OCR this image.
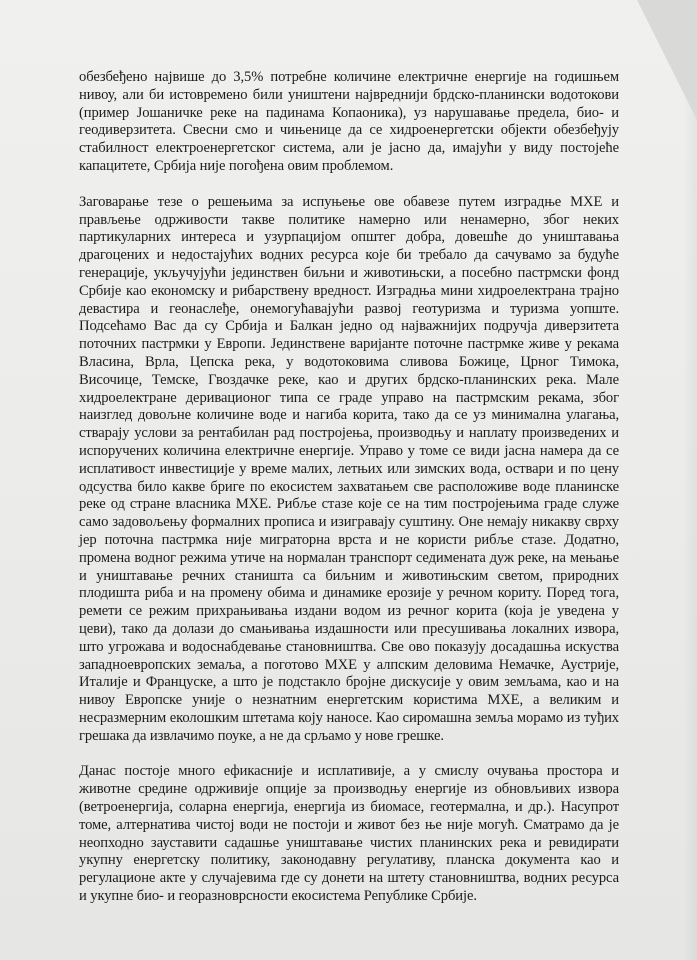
обезбеђено највише до 3,5% потребне количине електричне енергије на годишњем
нивоу, али би истовремено били уништени највреднији брдско-планински водотокови
(пример Јошаничке реке на падинама Копаоника), уз нарушавање предела, био- и
геодиверзитета. Свесни смо и чињенице да се хидроенергетски објекти обезбеђују
стабилност електроенергетског система, али је јасно да, имајући у виду постојеће
капацитете, Србија није погођена овим проблемом.
Заговарање тезе о решењима за испуњење ове обавезе путем изградње МХЕ и
прављење одрживости такве политике намерно или ненамерно, због неких
партикуларних интереса и узурпацијом општег добра, довешће до уништавања
драгоцених и недостајућих водних ресурса које би требало да сачувамо за будуће
генерације, укључујући јединствен биљни и животињски, а посебно пастрмски фонд
Србије као економску и рибарствену вредност. Изградња мини хидроелектрана трајно
девастира и геонаслеђе, онемогућавајући развој геотуризма и туризма уопште.
Подсећамо Вас да су Србија и Балкан једно од најважнијих подручја диверзитета
поточних пастрмки у Европи. Јединствене варијанте поточне пастрмке живе у рекама
Власина, Врла, Цепска река, у водотоковима сливова Божице, Црног Тимока,
Височице, Темске, Гвоздачке реке, као и других брдско-планинских река. Мале
хидроелектране деривационог типа се граде управо на пастрмским рекама, због
наизглед довољне количине воде и нагиба корита, тако да се уз минимална улагања,
стварају услови за рентабилан рад постројења, производњу и наплату произведених и
испоручених количина електричне енергије. Управо у томе се види јасна намера да се
исплативост инвестиције у време малих, летњих или зимских вода, оствари и по цену
одсуства било какве бриге по екосистем захватањем све расположиве воде планинске
реке од стране власника МХЕ. Рибље стазе које се на тим постројењима граде служе
само задовољењу формалних прописа и изигравају суштину. Оне немају никакву сврху
јер поточна пастрмка није миграторна врста и не користи рибље стазе. Додатно,
промена водног режима утиче на нормалан транспорт седимената дуж реке, на мењање
и уништавање речних станишта са биљним и животињским светом, природних
плодишта риба и на промену обима и динамике ерозије у речном кориту. Поред тога,
ремети се режим прихрањивања издани водом из речног корита (која је уведена у
цеви), тако да долази до смањивања издашности или пресушивања локалних извора,
што угрожава и водоснабдевање становништва. Све ово показују досадашња искуства
западноевропских земаља, а поготово МХЕ у алпским деловима Немачке, Аустрије,
Италије и Француске, а што је подстакло бројне дискусије у овим земљама, као и на
нивоу Европске уније о незнатним енергетским користима МХЕ, а великим и
несразмерним еколошким штетама коју наносе. Као сиромашна земља морамо из туђих
грешака да извлачимо поуке, а не да срљамо у нове грешке.
Данас постоје много ефикасније и исплативије, а у смислу очувања простора и
животне средине одрживије опције за производњу енергије из обновљивих извора
(ветроенергија, соларна енергија, енергија из биомасе, геотермална, и др.). Насупрот
томе, алтернатива чистој води не постоји и живот без ње није могућ. Сматрамо да је
неопходно зауставити садашње уништавање чистих планинских река и ревидирати
укупну енергетску политику, законодавну регулативу, планска документа као и
регулационе акте у случајевима где су донети на штету становништва, водних ресурса
и укупне био- и георазноврсности екосистема Републике Србије.
